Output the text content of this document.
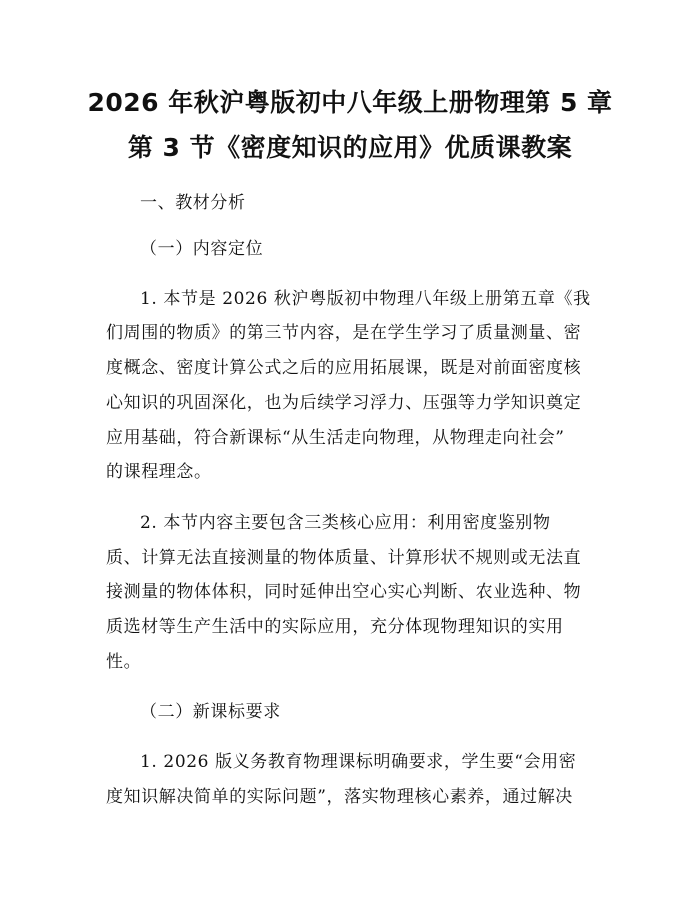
2026 年秋沪粤版初中八年级上册物理第 5 章
第 3 节《密度知识的应用》优质课教案
一、教材分析
（一）内容定位
1. 本节是 2026 秋沪粤版初中物理八年级上册第五章《我
们周围的物质》的第三节内容，是在学生学习了质量测量、密
度概念、密度计算公式之后的应用拓展课，既是对前面密度核
心知识的巩固深化，也为后续学习浮力、压强等力学知识奠定
应用基础，符合新课标“从生活走向物理，从物理走向社会”
的课程理念。
2. 本节内容主要包含三类核心应用：利用密度鉴别物
质、计算无法直接测量的物体质量、计算形状不规则或无法直
接测量的物体体积，同时延伸出空心实心判断、农业选种、物
质选材等生产生活中的实际应用，充分体现物理知识的实用
性。
（二）新课标要求
1. 2026 版义务教育物理课标明确要求，学生要“会用密
度知识解决简单的实际问题”，落实物理核心素养，通过解决
